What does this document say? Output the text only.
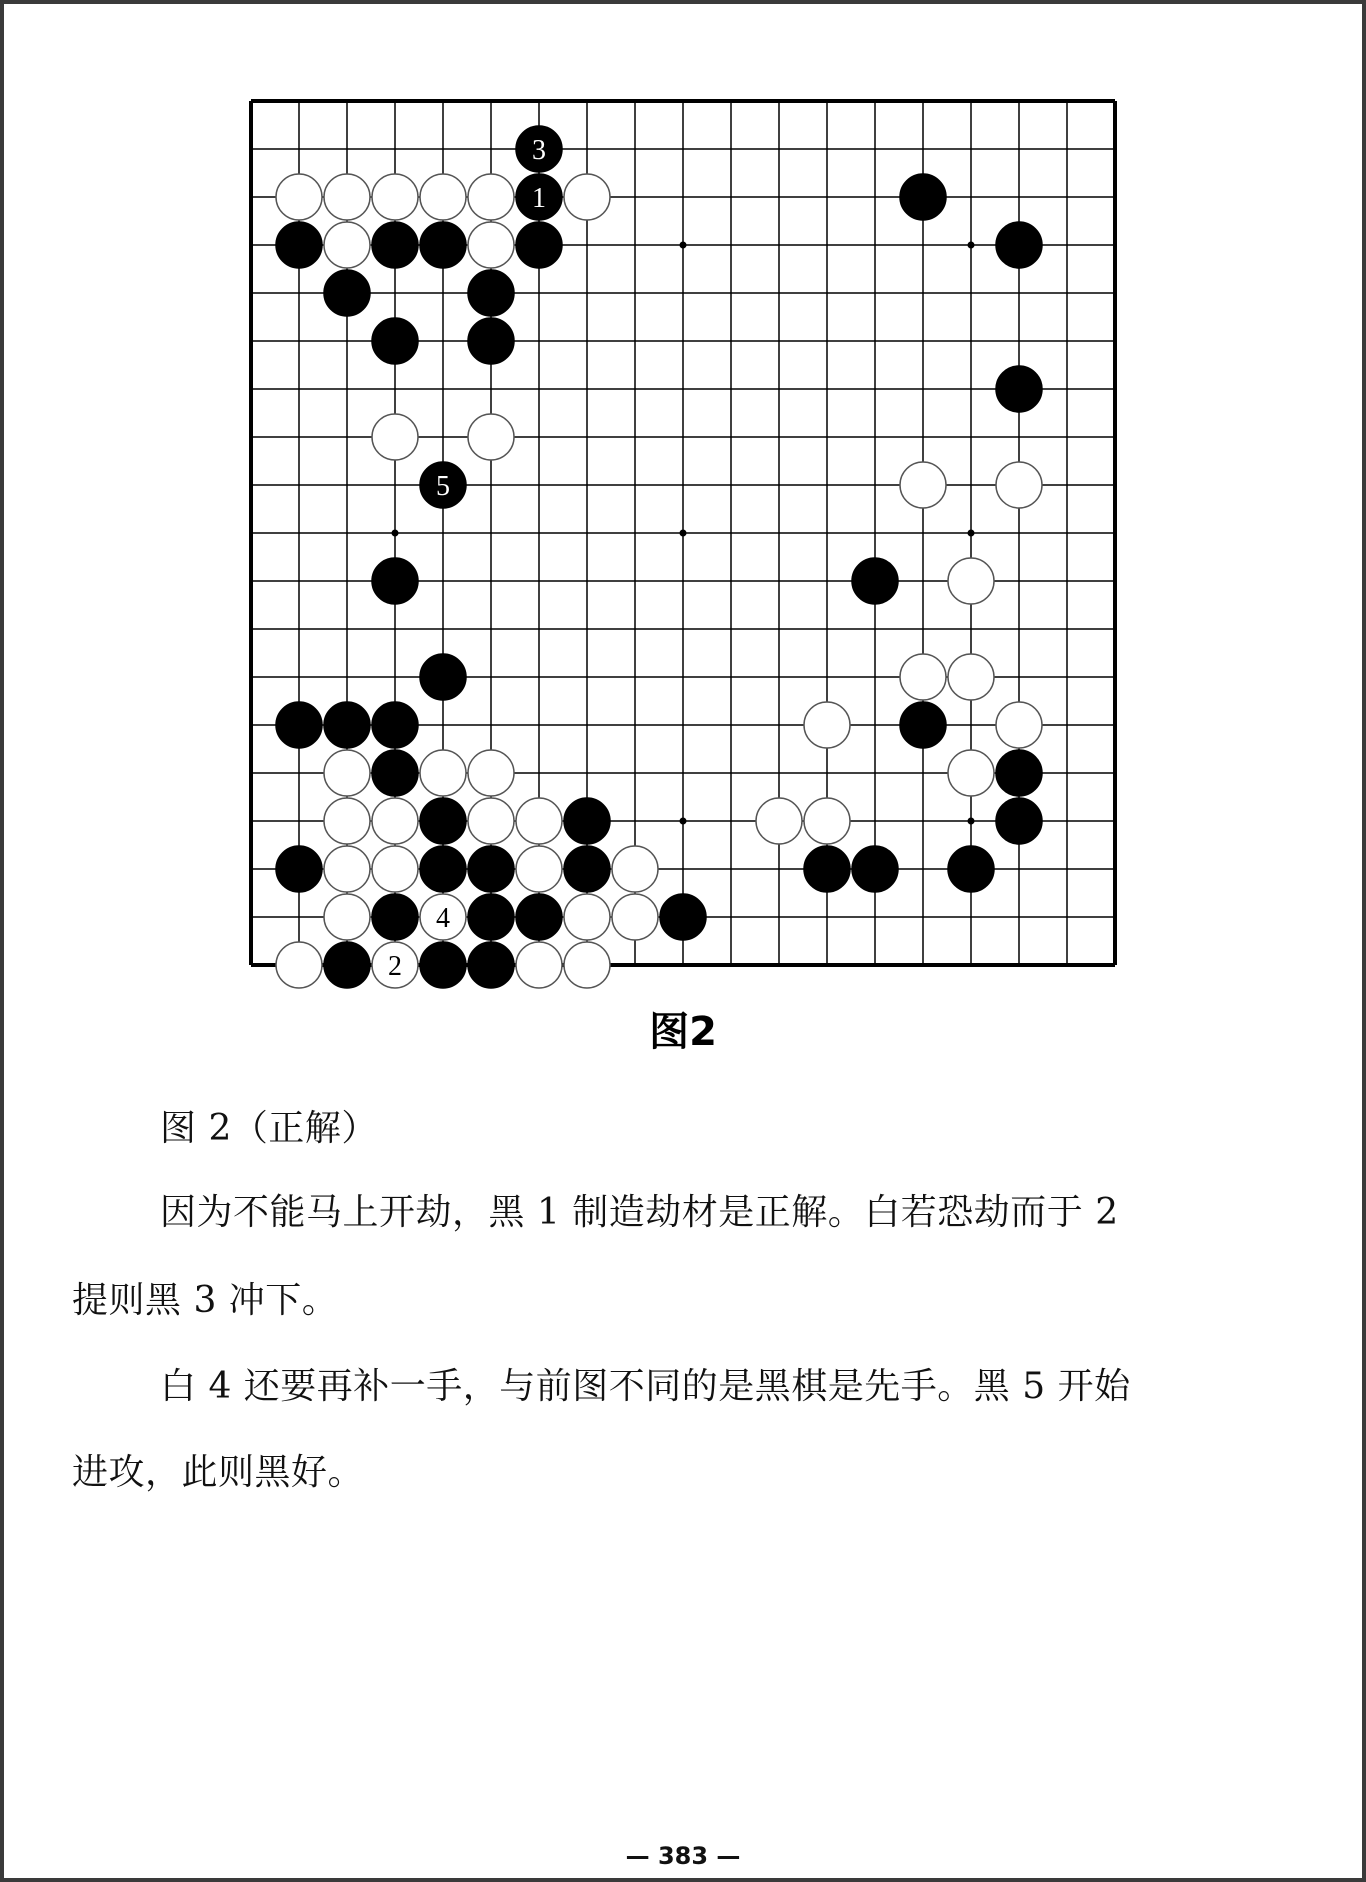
3
1
5
4
2
图2
图 2（正解）
因为不能马上开劫，黑 1 制造劫材是正解。白若恐劫而于 2
提则黑 3 冲下。
白 4 还要再补一手，与前图不同的是黑棋是先手。黑 5 开始
进攻，此则黑好。
— 383 —
